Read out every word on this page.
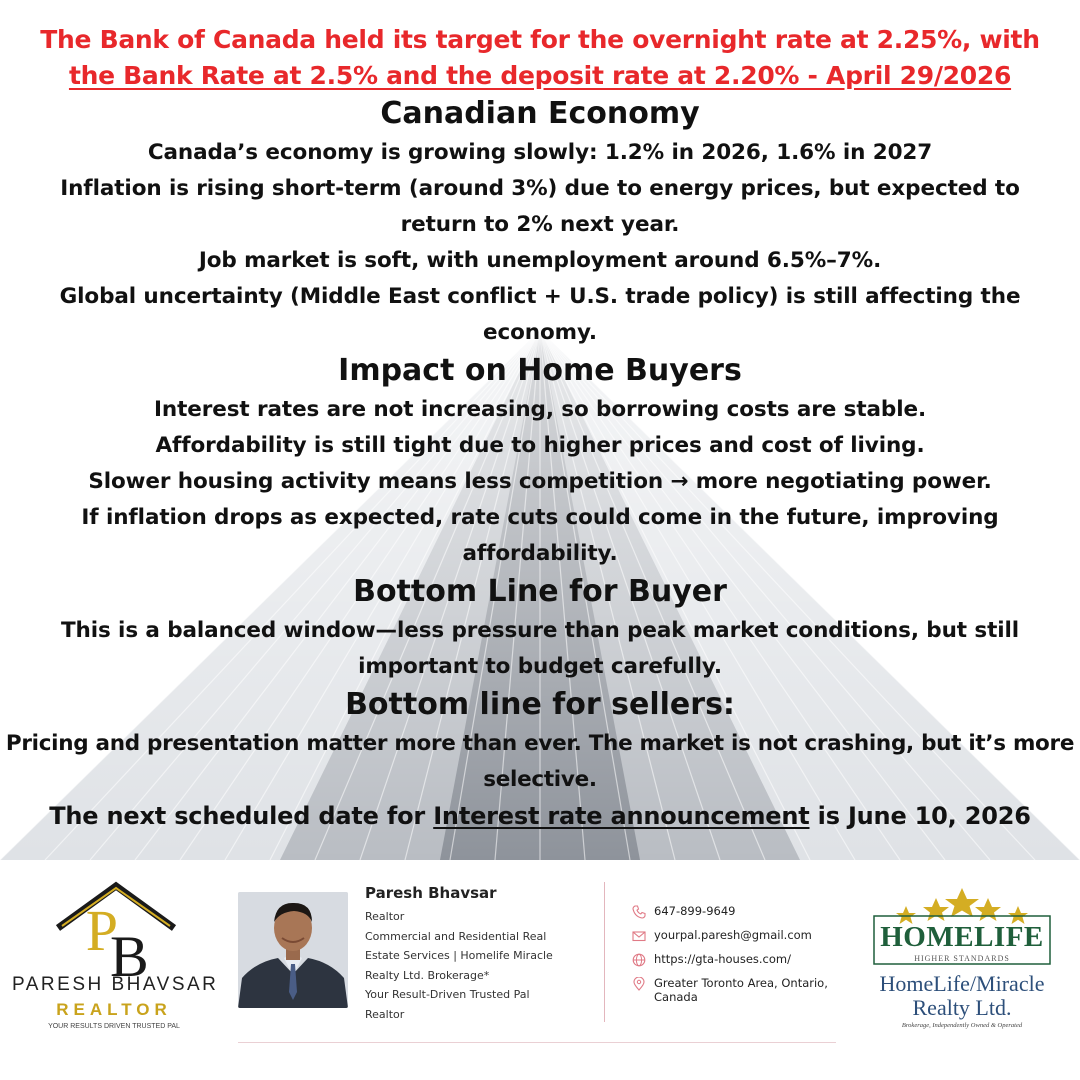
The Bank of Canada held its target for the overnight rate at 2.25%, with
the Bank Rate at 2.5% and the deposit rate at 2.20% - April 29/2026
Canadian Economy
Canada’s economy is growing slowly: 1.2% in 2026, 1.6% in 2027
Inflation is rising short-term (around 3%) due to energy prices, but expected to return to 2% next year.
Job market is soft, with unemployment around 6.5%–7%.
Global uncertainty (Middle East conflict + U.S. trade policy) is still affecting the economy.
Impact on Home Buyers
Interest rates are not increasing, so borrowing costs are stable.
Affordability is still tight due to higher prices and cost of living.
Slower housing activity means less competition → more negotiating power.
If inflation drops as expected, rate cuts could come in the future, improving affordability.
Bottom Line for Buyer
This is a balanced window—less pressure than peak market conditions, but still important to budget carefully.
Bottom line for sellers:
Pricing and presentation matter more than ever. The market is not crashing, but it’s more selective.
The next scheduled date for Interest rate announcement is June 10, 2026
P
B
PARESH BHAVSAR
REALTOR
YOUR RESULTS DRIVEN TRUSTED PAL
Paresh Bhavsar
Realtor
Commercial and Residential Real
Estate Services | Homelife Miracle
Realty Ltd. Brokerage*
Your Result-Driven Trusted Pal
Realtor
647-899-9649
yourpal.paresh@gmail.com
https://gta-houses.com/
Greater Toronto Area, Ontario, Canada
HOMELIFE
HIGHER STANDARDS
HomeLife/Miracle Realty Ltd.
Brokerage, Independently Owned & Operated
